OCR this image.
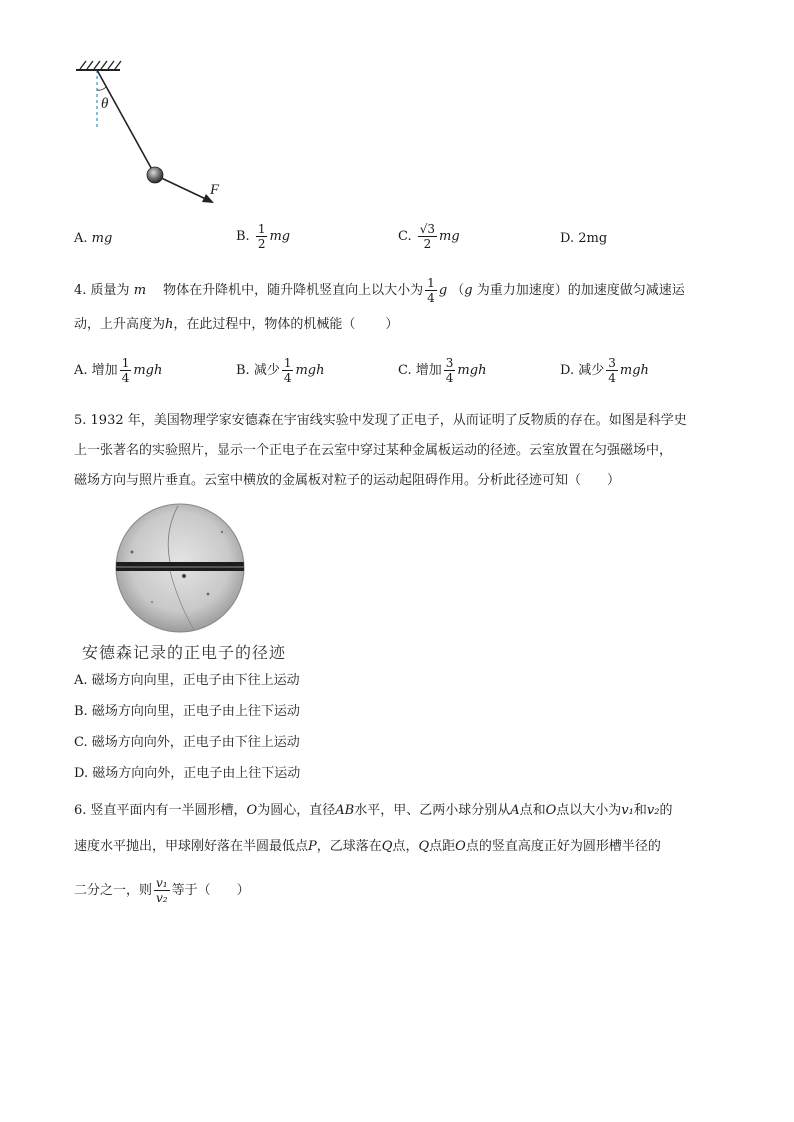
θ
F
A. mg	B. $\frac{1}{2}$ mg	C. $\frac{√3}{2}$ mg	D. 2mg
4. 质量为 m　 物体在升降机中，随升降机竖直向上以大小为 $\frac{1}{4}$ g （g 为重力加速度）的加速度做匀减速运
动，上升高度为h，在此过程中，物体的机械能（ ）
A. 增加 $\frac{1}{4}$ mgh	B. 减少 $\frac{1}{4}$ mgh	C. 增加 $\frac{3}{4}$ mgh	D. 减少 $\frac{3}{4}$ mgh
5. 1932 年，美国物理学家安德森在宇宙线实验中发现了正电子，从而证明了反物质的存在。如图是科学史
上一张著名的实验照片，显示一个正电子在云室中穿过某种金属板运动的径迹。云室放置在匀强磁场中，
磁场方向与照片垂直。云室中横放的金属板对粒子的运动起阻碍作用。分析此径迹可知（　　）
安德森记录的正电子的径迹
A. 磁场方向向里，正电子由下往上运动
B. 磁场方向向里，正电子由上往下运动
C. 磁场方向向外，正电子由下往上运动
D. 磁场方向向外，正电子由上往下运动
6. 竖直平面内有一半圆形槽，O为圆心，直径AB水平，甲、乙两小球分别从A点和O点以大小为v₁和v₂的
速度水平抛出，甲球刚好落在半圆最低点P，乙球落在Q点，Q点距O点的竖直高度正好为圆形槽半径的
二分之一，则 $\frac{\text{v₁}}{\text{v₂}}$ 等于（　　）
